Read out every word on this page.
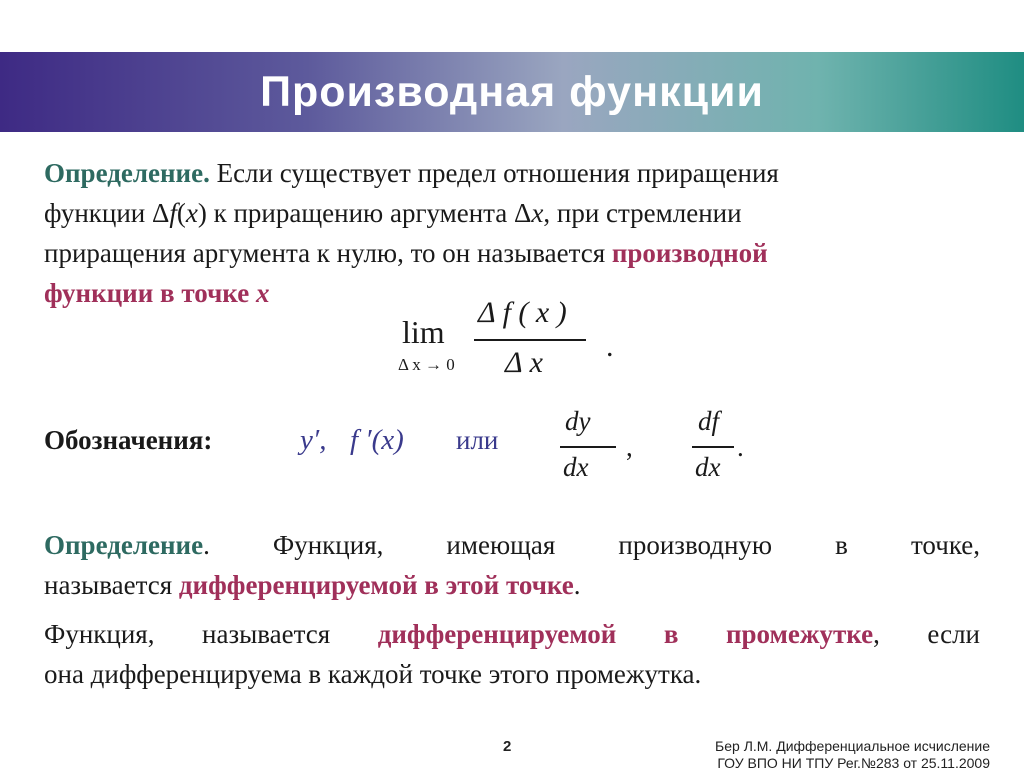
Производная функции
Определение. Если существует предел отношения приращения
функции Δf(x) к приращению аргумента Δx, при стремлении
приращения аргумента к нулю, то он называется производной
функции в точке x
lim
Δ x → 0
Δ f ( x )
Δ x .
Обозначения:	y′, f ′(x) или
dy
dx
,
df
dx
.
Определение. Функция, имеющая производную в точке,
называется дифференцируемой в этой точке.
Функция, называется дифференцируемой в промежутке, если
она дифференцируема в каждой точке этого промежутка.
2	Бер Л.М. Дифференциальное исчисление
ГОУ ВПО НИ ТПУ Рег.№283 от 25.11.2009
